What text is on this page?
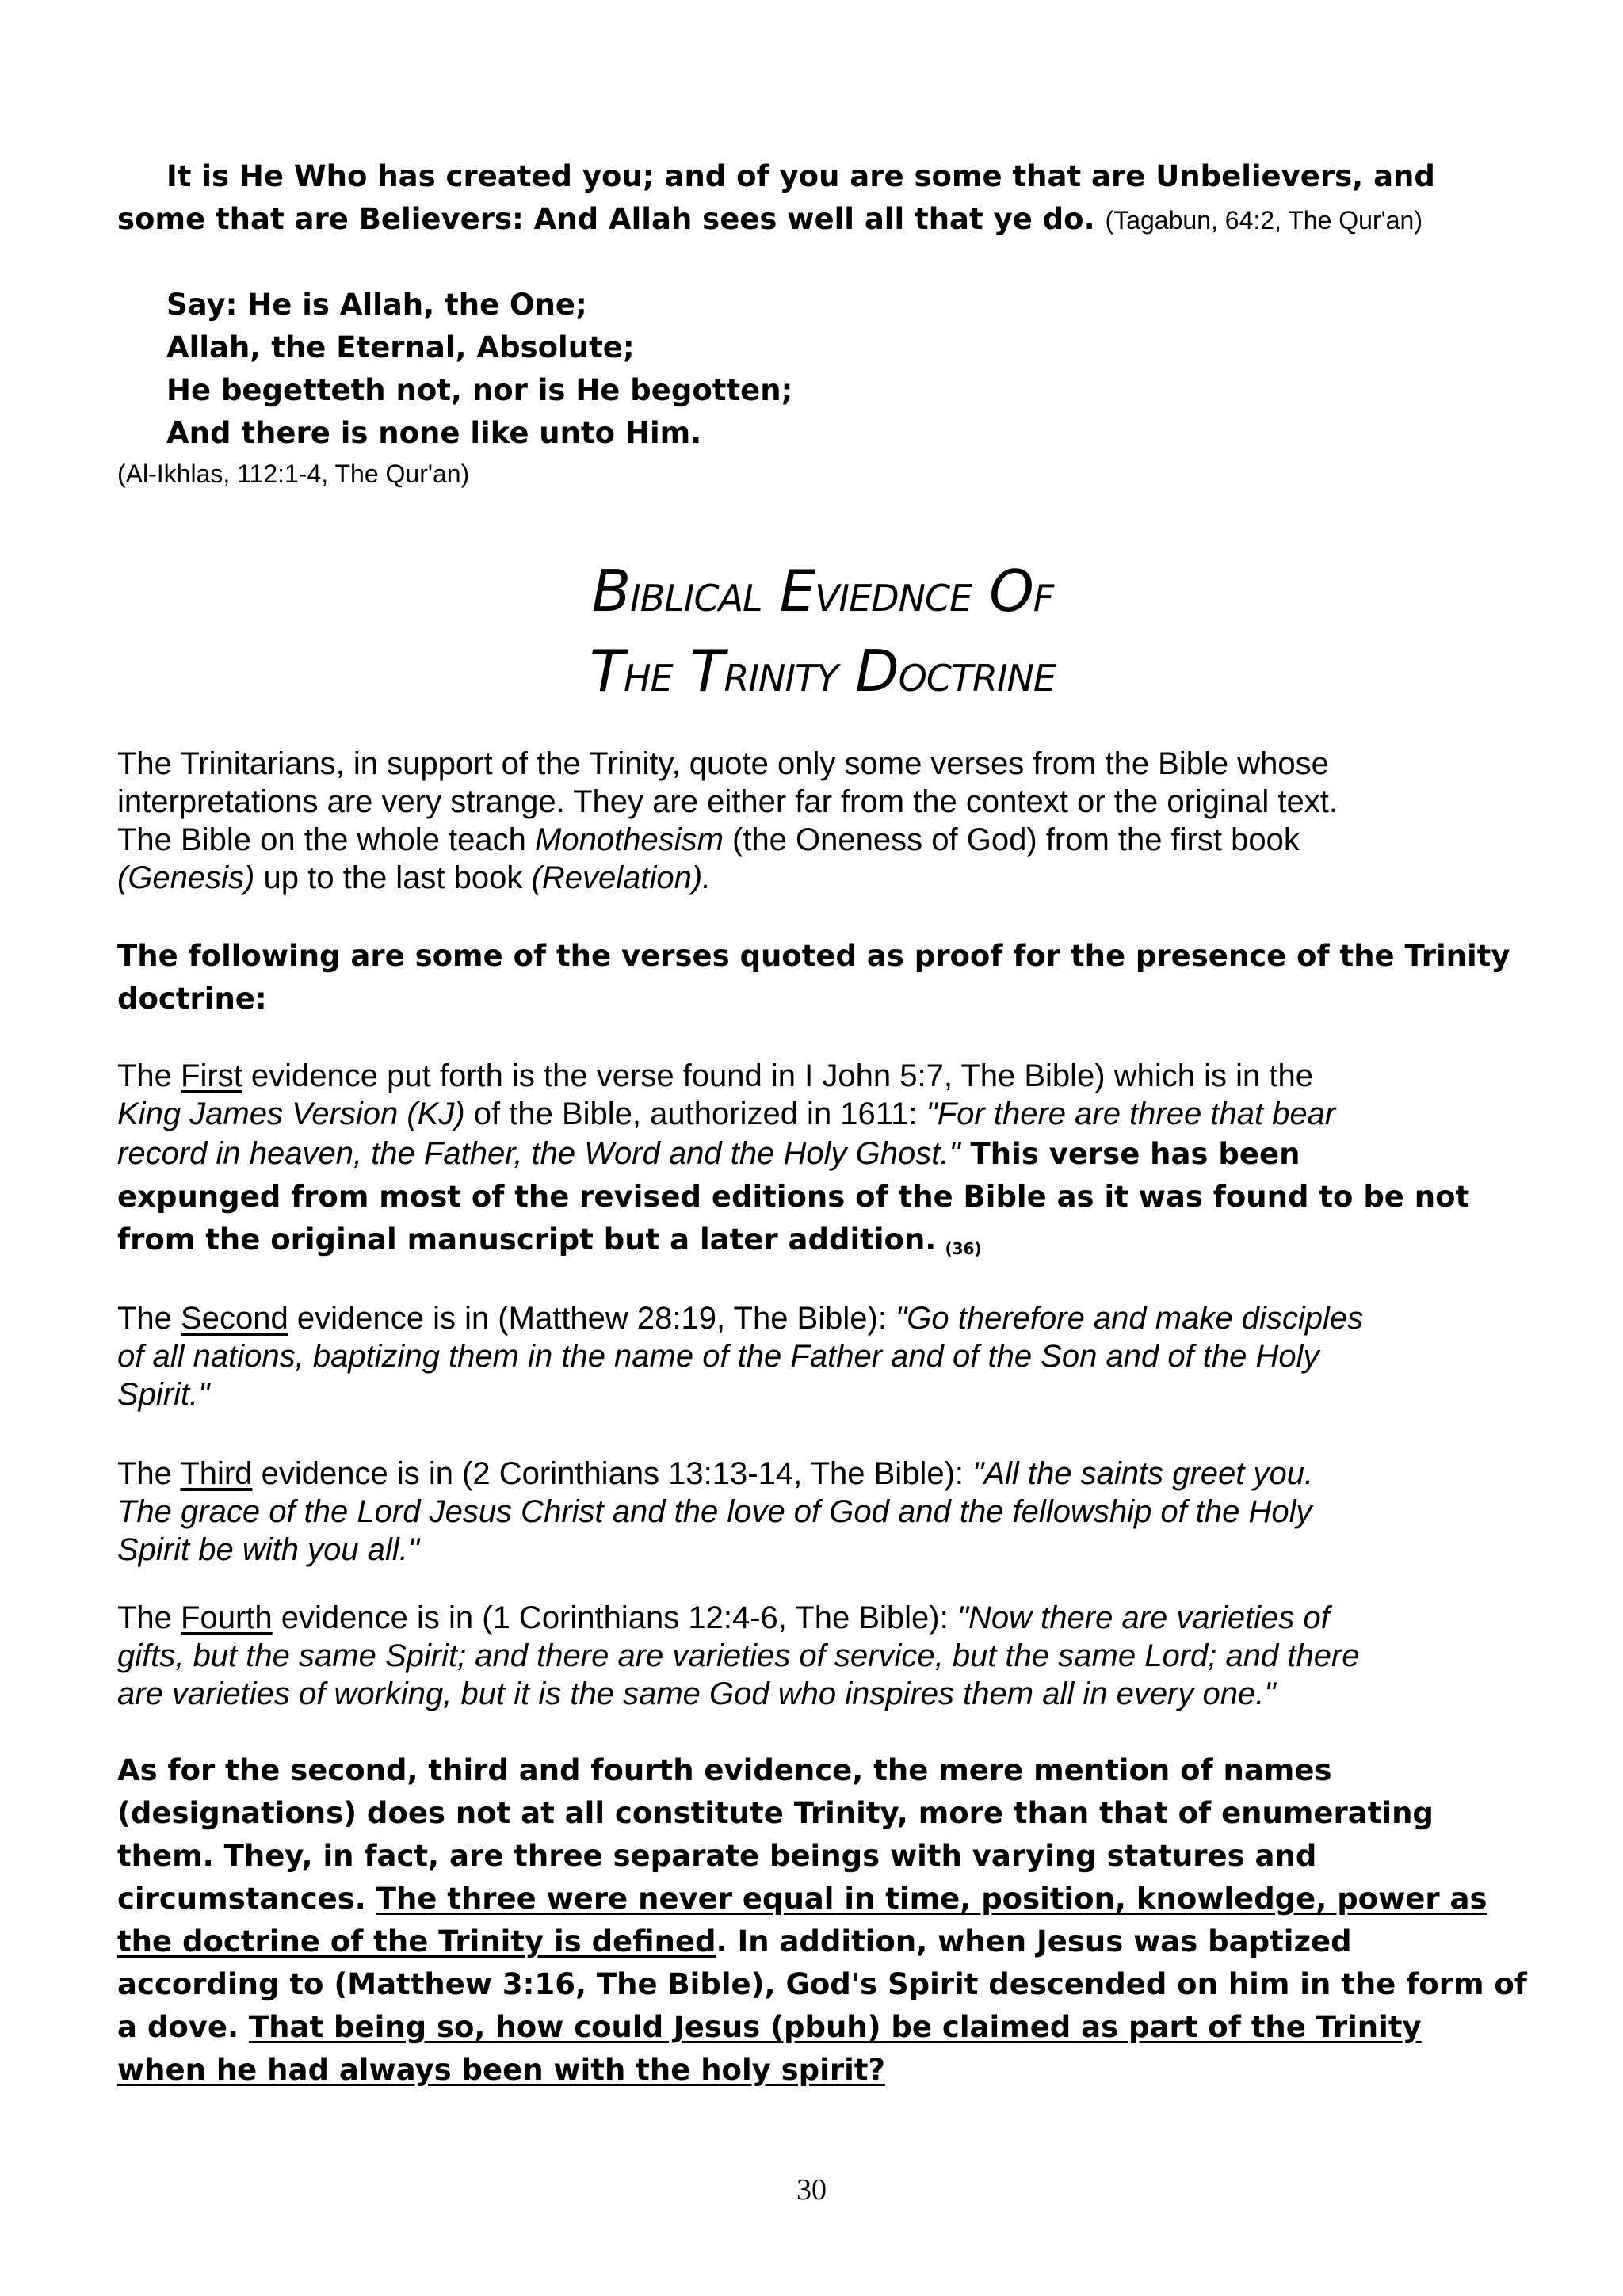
It is He Who has created you; and of you are some that are Unbelievers, and
some that are Believers: And Allah sees well all that ye do. (Tagabun, 64:2, The Qur'an)
Say: He is Allah, the One;
Allah, the Eternal, Absolute;
He begetteth not, nor is He begotten;
And there is none like unto Him.
(Al-Ikhlas, 112:1-4, The Qur'an)
BIBLICAL EVIEDNCE OF
THE TRINITY DOCTRINE
The Trinitarians, in support of the Trinity, quote only some verses from the Bible whose
interpretations are very strange. They are either far from the context or the original text.
The Bible on the whole teach Monothesism (the Oneness of God) from the first book
(Genesis) up to the last book (Revelation).
The following are some of the verses quoted as proof for the presence of the Trinity
doctrine:
The First evidence put forth is the verse found in I John 5:7, The Bible) which is in the
King James Version (KJ) of the Bible, authorized in 1611: "For there are three that bear
record in heaven, the Father, the Word and the Holy Ghost." This verse has been
expunged from most of the revised editions of the Bible as it was found to be not
from the original manuscript but a later addition. $_{(36)}$
The Second evidence is in (Matthew 28:19, The Bible): "Go therefore and make disciples
of all nations, baptizing them in the name of the Father and of the Son and of the Holy
Spirit."
The Third evidence is in (2 Corinthians 13:13-14, The Bible): "All the saints greet you.
The grace of the Lord Jesus Christ and the love of God and the fellowship of the Holy
Spirit be with you all."
The Fourth evidence is in (1 Corinthians 12:4-6, The Bible): "Now there are varieties of
gifts, but the same Spirit; and there are varieties of service, but the same Lord; and there
are varieties of working, but it is the same God who inspires them all in every one."
As for the second, third and fourth evidence, the mere mention of names
(designations) does not at all constitute Trinity, more than that of enumerating
them. They, in fact, are three separate beings with varying statures and
circumstances. The three were never equal in time, position, knowledge, power as
the doctrine of the Trinity is defined. In addition, when Jesus was baptized
according to (Matthew 3:16, The Bible), God's Spirit descended on him in the form of
a dove. That being so, how could Jesus (pbuh) be claimed as part of the Trinity
when he had always been with the holy spirit?
30
